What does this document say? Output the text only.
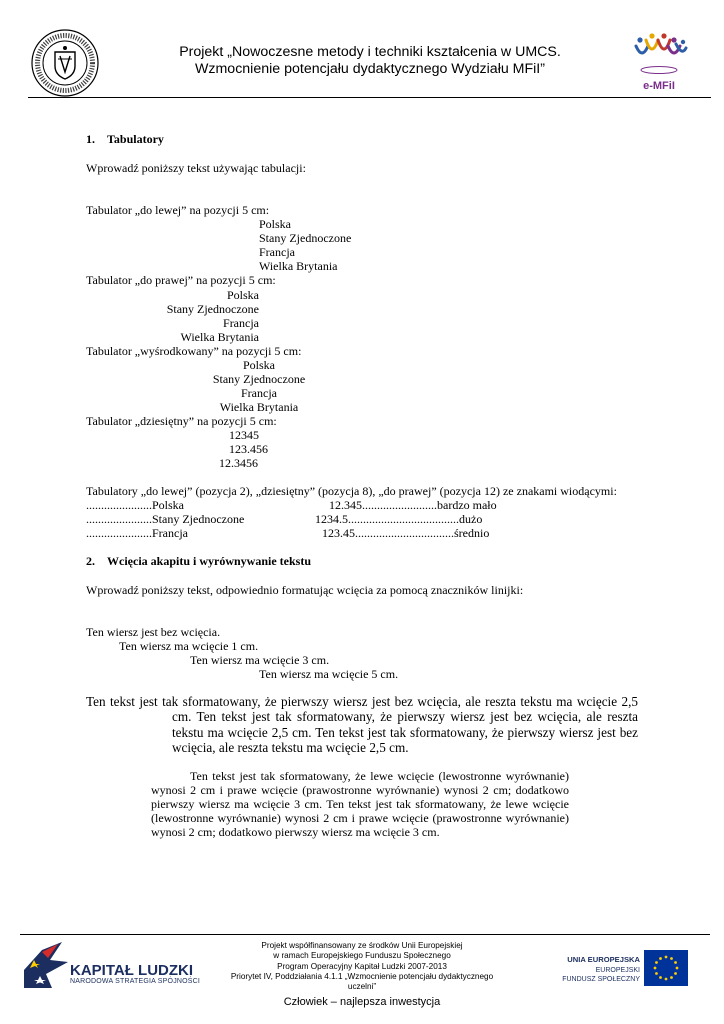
Projekt „Nowoczesne metody i techniki kształcenia w UMCS.
Wzmocnienie potencjału dydaktycznego Wydziału MFiI”
e-MFiI
1.    Tabulatory
Wprowadź poniższy tekst używając tabulacji:
Tabulator „do lewej” na pozycji 5 cm:
Polska
Stany Zjednoczone
Francja
Wielka Brytania
Tabulator „do prawej” na pozycji 5 cm:
Polska
Stany Zjednoczone
Francja
Wielka Brytania
Tabulator „wyśrodkowany” na pozycji 5 cm:
Polska
Stany Zjednoczone
Francja
Wielka Brytania
Tabulator „dziesiętny” na pozycji 5 cm:
12345
123.456
12.3456
Tabulatory „do lewej” (pozycja 2), „dziesiętny” (pozycja 8), „do prawej” (pozycja 12) ze znakami wiodącymi:
......................Polska	12.345.........................bardzo mało
......................Stany Zjednoczone	1234.5.....................................dużo
......................Francja	123.45.................................średnio
2.    Wcięcia akapitu i wyrównywanie tekstu
Wprowadź poniższy tekst, odpowiednio formatując wcięcia za pomocą znaczników linijki:
Ten wiersz jest bez wcięcia.
Ten wiersz ma wcięcie 1 cm.
Ten wiersz ma wcięcie 3 cm.
Ten wiersz ma wcięcie 5 cm.
Ten tekst jest tak sformatowany, że pierwszy wiersz jest bez wcięcia, ale reszta tekstu ma wcięcie 2,5
cm. Ten tekst jest tak sformatowany, że pierwszy wiersz jest bez wcięcia, ale reszta tekstu ma wcięcie 2,5 cm. Ten tekst jest tak sformatowany, że pierwszy wiersz jest bez wcięcia, ale reszta tekstu ma wcięcie 2,5 cm.
Ten tekst jest tak sformatowany, że lewe wcięcie (lewostronne wyrównanie) wynosi 2 cm i prawe wcięcie (prawostronne wyrównanie) wynosi 2 cm; dodatkowo pierwszy wiersz ma wcięcie 3 cm. Ten tekst jest tak sformatowany, że lewe wcięcie (lewostronne wyrównanie) wynosi 2 cm i prawe wcięcie (prawostronne wyrównanie) wynosi 2 cm; dodatkowo pierwszy wiersz ma wcięcie 3 cm.
KAPITAŁ LUDZKI
NARODOWA STRATEGIA SPÓJNOŚCI
Projekt współfinansowany ze środków Unii Europejskiej
w ramach Europejskiego Funduszu Społecznego
Program Operacyjny Kapitał Ludzki 2007-2013
Priorytet IV, Poddziałania 4.1.1 „Wzmocnienie potencjału dydaktycznego uczelni”
Człowiek – najlepsza inwestycja
UNIA EUROPEJSKA
EUROPEJSKI
FUNDUSZ SPOŁECZNY
